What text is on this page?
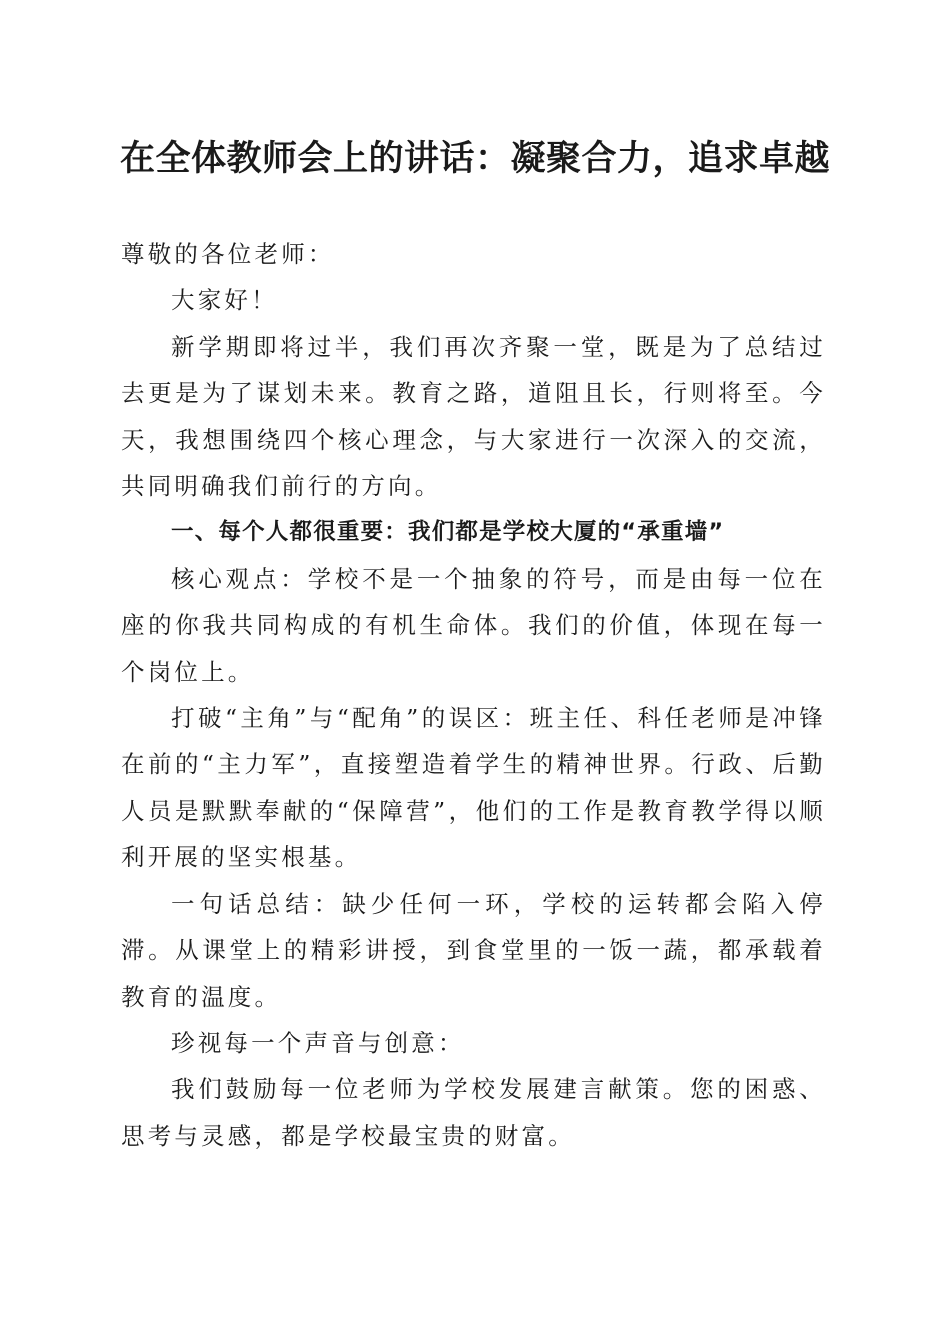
在全体教师会上的讲话：凝聚合力，追求卓越

尊敬的各位老师：

大家好！

新学期即将过半，我们再次齐聚一堂，既是为了总结过去更是为了谋划未来。教育之路，道阻且长，行则将至。今天，我想围绕四个核心理念，与大家进行一次深入的交流，共同明确我们前行的方向。

一、每个人都很重要：我们都是学校大厦的“承重墙”

核心观点：学校不是一个抽象的符号，而是由每一位在座的你我共同构成的有机生命体。我们的价值，体现在每一个岗位上。

打破“主角”与“配角”的误区：班主任、科任老师是冲锋在前的“主力军”，直接塑造着学生的精神世界。行政、后勤人员是默默奉献的“保障营”，他们的工作是教育教学得以顺利开展的坚实根基。

一句话总结：缺少任何一环，学校的运转都会陷入停滞。从课堂上的精彩讲授，到食堂里的一饭一蔬，都承载着教育的温度。

珍视每一个声音与创意：

我们鼓励每一位老师为学校发展建言献策。您的困惑、思考与灵感，都是学校最宝贵的财富。
